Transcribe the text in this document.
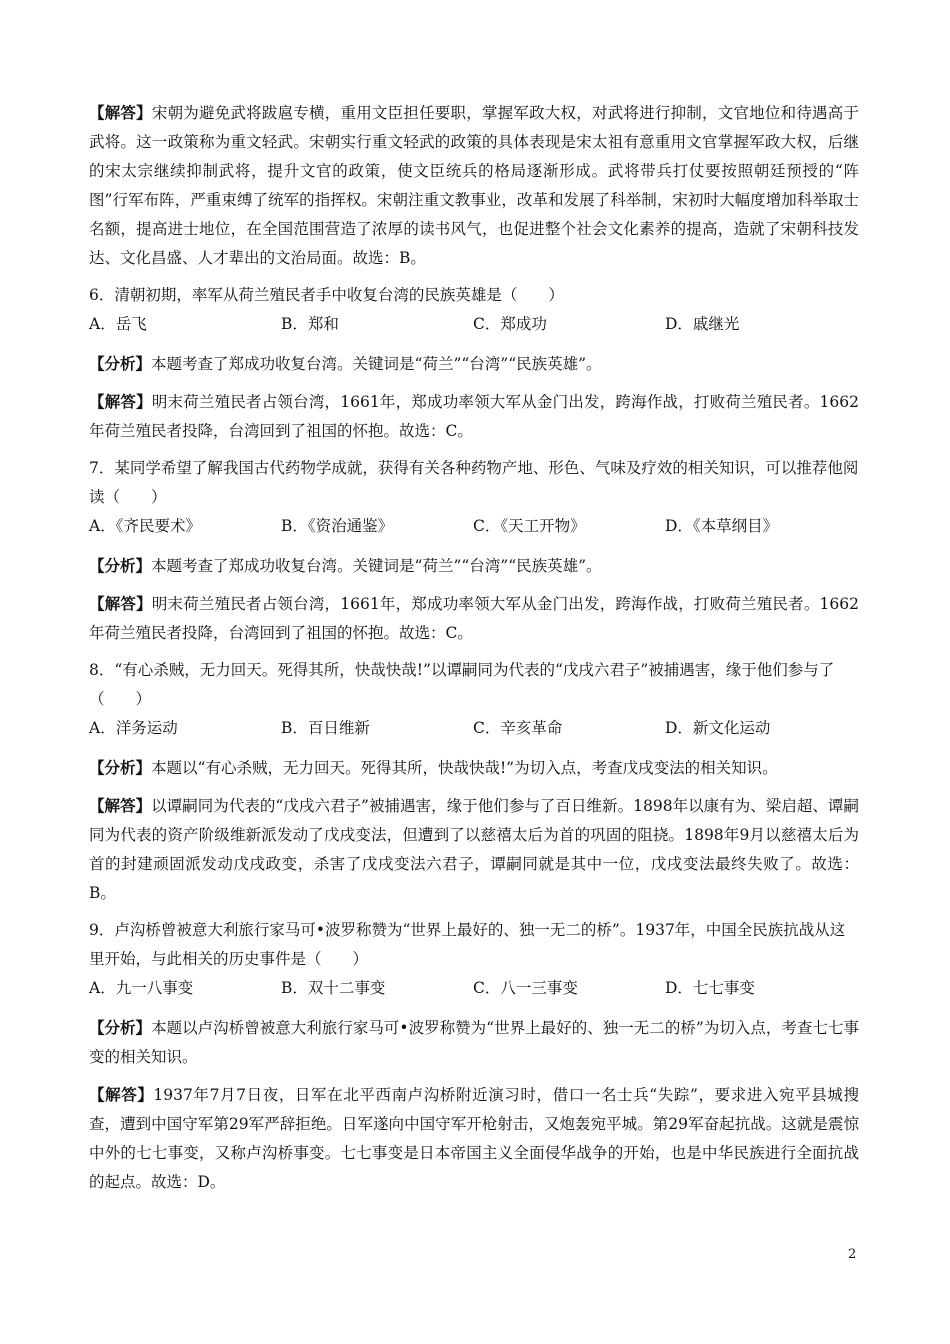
【解答】宋朝为避免武将跋扈专横，重用文臣担任要职，掌握军政大权，对武将进行抑制，文官地位和待遇高于武将。这一政策称为重文轻武。宋朝实行重文轻武的政策的具体表现是宋太祖有意重用文官掌握军政大权，后继的宋太宗继续抑制武将，提升文官的政策，使文臣统兵的格局逐渐形成。武将带兵打仗要按照朝廷预授的“阵图”行军布阵，严重束缚了统军的指挥权。宋朝注重文教事业，改革和发展了科举制，宋初时大幅度增加科举取士名额，提高进士地位，在全国范围营造了浓厚的读书风气，也促进整个社会文化素养的提高，造就了宋朝科技发达、文化昌盛、人才辈出的文治局面。故选：B。

6．清朝初期，率军从荷兰殖民者手中收复台湾的民族英雄是（　　）

A．岳飞	B．郑和	C．郑成功	D．戚继光

【分析】本题考查了郑成功收复台湾。关键词是“荷兰”“台湾”“民族英雄”。

【解答】明末荷兰殖民者占领台湾，1661年，郑成功率领大军从金门出发，跨海作战，打败荷兰殖民者。1662年荷兰殖民者投降，台湾回到了祖国的怀抱。故选：C。

7．某同学希望了解我国古代药物学成就，获得有关各种药物产地、形色、气味及疗效的相关知识，可以推荐他阅读（　　）

A．《齐民要术》	B．《资治通鉴》	C．《天工开物》	D．《本草纲目》

【分析】本题考查了郑成功收复台湾。关键词是“荷兰”“台湾”“民族英雄”。

【解答】明末荷兰殖民者占领台湾，1661年，郑成功率领大军从金门出发，跨海作战，打败荷兰殖民者。1662年荷兰殖民者投降，台湾回到了祖国的怀抱。故选：C。

8．“有心杀贼，无力回天。死得其所，快哉快哉!”以谭嗣同为代表的“戊戌六君子”被捕遇害，缘于他们参与了（　　）

A．洋务运动	B．百日维新	C．辛亥革命	D．新文化运动

【分析】本题以“有心杀贼，无力回天。死得其所，快哉快哉!”为切入点，考查戊戌变法的相关知识。

【解答】以谭嗣同为代表的“戊戌六君子”被捕遇害，缘于他们参与了百日维新。1898年以康有为、梁启超、谭嗣同为代表的资产阶级维新派发动了戊戌变法，但遭到了以慈禧太后为首的巩固的阻挠。1898年9月以慈禧太后为首的封建顽固派发动戊戌政变，杀害了戊戌变法六君子，谭嗣同就是其中一位，戊戌变法最终失败了。故选：B。

9．卢沟桥曾被意大利旅行家马可•波罗称赞为“世界上最好的、独一无二的桥”。1937年，中国全民族抗战从这里开始，与此相关的历史事件是（　　）

A．九一八事变	B．双十二事变	C．八一三事变	D．七七事变

【分析】本题以卢沟桥曾被意大利旅行家马可•波罗称赞为“世界上最好的、独一无二的桥”为切入点，考查七七事变的相关知识。

【解答】1937年7月7日夜，日军在北平西南卢沟桥附近演习时，借口一名士兵“失踪”，要求进入宛平县城搜查，遭到中国守军第29军严辞拒绝。日军遂向中国守军开枪射击，又炮轰宛平城。第29军奋起抗战。这就是震惊中外的七七事变，又称卢沟桥事变。七七事变是日本帝国主义全面侵华战争的开始，也是中华民族进行全面抗战的起点。故选：D。

2
